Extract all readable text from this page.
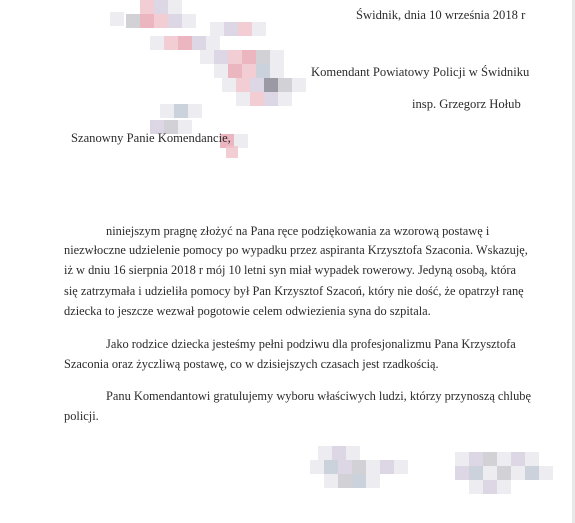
Świdnik, dnia 10 września 2018 r
Komendant Powiatowy Policji w Świdniku
insp. Grzegorz Hołub
Szanowny Panie Komendancie,
niniejszym pragnę złożyć na Pana ręce podziękowania za wzorową postawę i
niezwłoczne udzielenie pomocy po wypadku przez aspiranta Krzysztofa Szaconia. Wskazuję,
iż w dniu 16 sierpnia 2018 r mój 10 letni syn miał wypadek rowerowy. Jedyną osobą, która
się zatrzymała i udzieliła pomocy był Pan Krzysztof Szacoń, który nie dość, że opatrzył ranę
dziecka to jeszcze wezwał pogotowie celem odwiezienia syna do szpitala.
Jako rodzice dziecka jesteśmy pełni podziwu dla profesjonalizmu Pana Krzysztofa
Szaconia oraz życzliwą postawę, co w dzisiejszych czasach jest rzadkością.
Panu Komendantowi gratulujemy wyboru właściwych ludzi, którzy przynoszą chlubę
policji.
